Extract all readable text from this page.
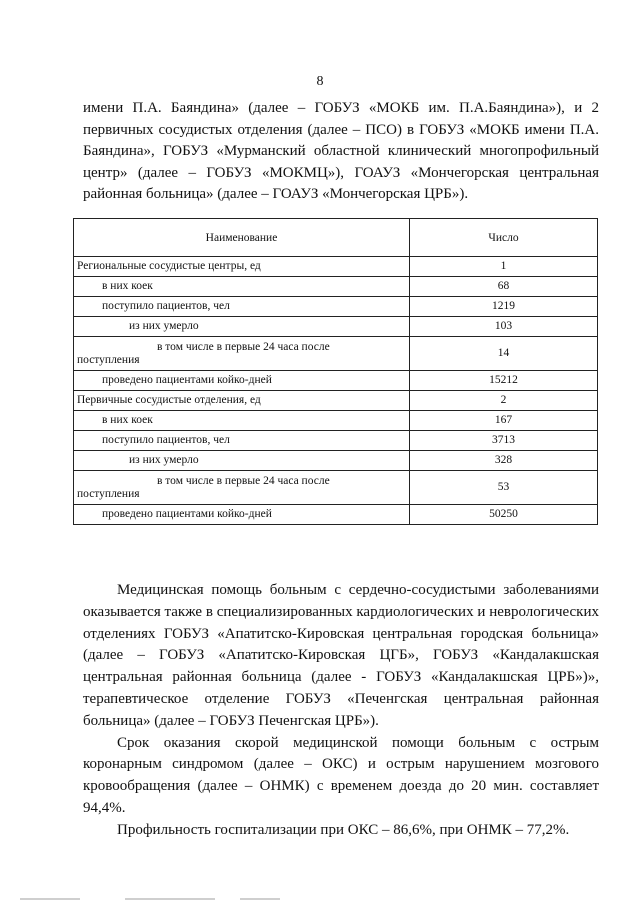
8

имени П.А. Баяндина» (далее – ГОБУЗ «МОКБ им. П.А.Баяндина»), и 2 первичных сосудистых отделения (далее – ПСО) в ГОБУЗ «МОКБ имени П.А. Баяндина», ГОБУЗ «Мурманский областной клинический многопрофильный центр» (далее – ГОБУЗ «МОКМЦ»), ГОАУЗ «Мончегорская центральная районная больница» (далее – ГОАУЗ «Мончегорская ЦРБ»).

Наименование	Число
Региональные сосудистые центры, ед	1
в них коек	68
поступило пациентов, чел	1219
из них умерло	103

в том числе в первые 24 часа после
поступления	14
проведено пациентами койко-дней	15212
Первичные сосудистые отделения, ед	2
в них коек	167
поступило пациентов, чел	3713
из них умерло	328

в том числе в первые 24 часа после
поступления	53
проведено пациентами койко-дней	50250

Медицинская помощь больным с сердечно-сосудистыми заболеваниями оказывается также в специализированных кардиологических и неврологических отделениях ГОБУЗ «Апатитско-Кировская центральная городская больница» (далее – ГОБУЗ «Апатитско-Кировская ЦГБ», ГОБУЗ «Кандалакшская центральная районная больница (далее - ГОБУЗ «Кандалакшская ЦРБ»)», терапевтическое отделение ГОБУЗ «Печенгская центральная районная больница» (далее – ГОБУЗ Печенгская ЦРБ»).

Срок оказания скорой медицинской помощи больным с острым коронарным синдромом (далее – ОКС) и острым нарушением мозгового кровообращения (далее – ОНМК) с временем доезда до 20 мин. составляет 94,4%.

Профильность госпитализации при ОКС – 86,6%, при ОНМК – 77,2%.
